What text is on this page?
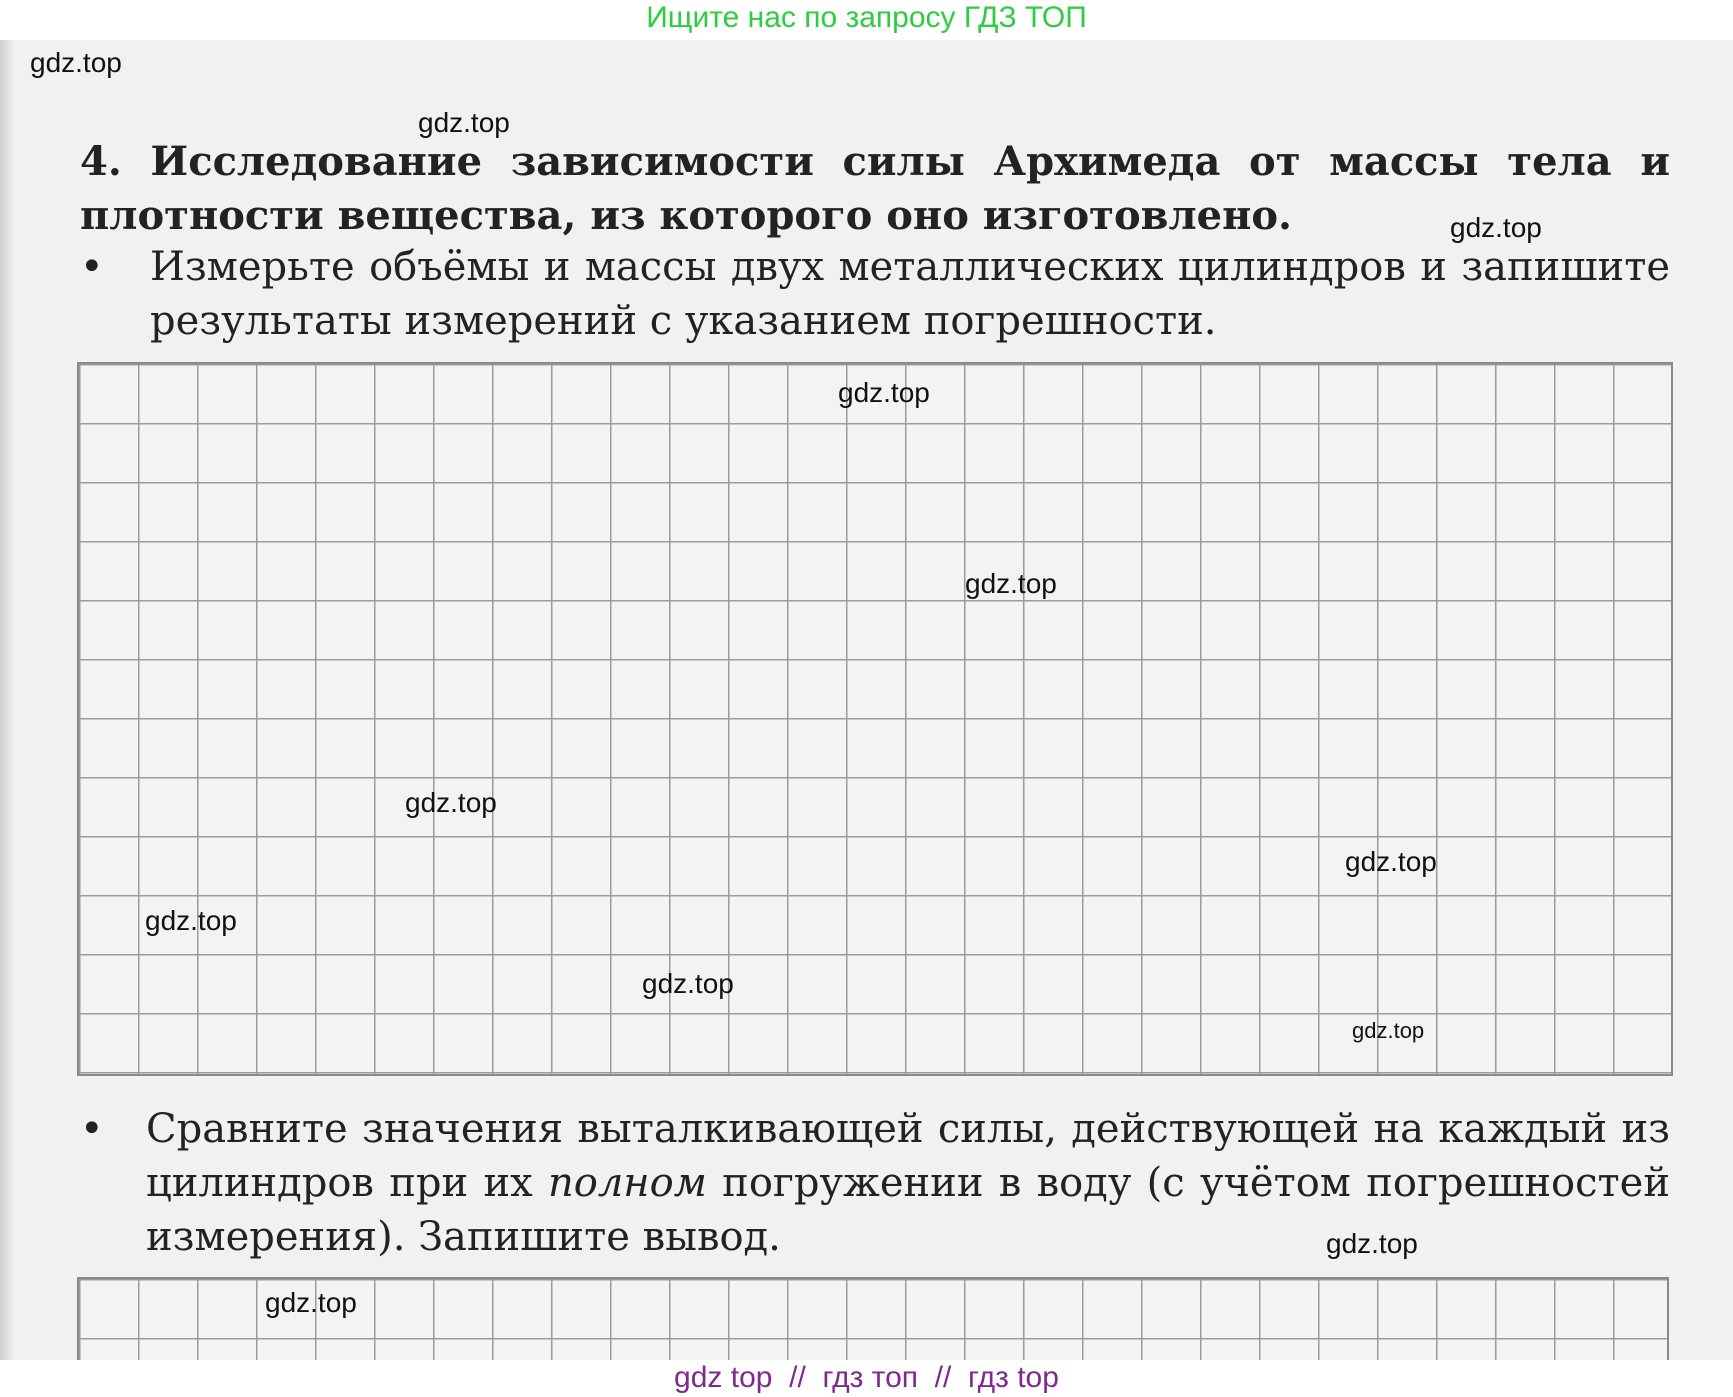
Ищите нас по запросу ГДЗ ТОП
4. Исследование зависимости силы Архимеда от массы тела и плотности вещества, из которого оно изготовлено.
•	Измерьте объёмы и массы двух металлических цилиндров и запишите результаты измерений с указанием погрешности.
•	Сравните значения выталкивающей силы, действующей на каждый из цилиндров при их полном погружении в воду (с учётом погрешностей измерения). Запишите вывод.
gdz.top
gdz.top
gdz.top
gdz.top
gdz.top
gdz.top
gdz.top
gdz.top
gdz.top
gdz.top
gdz.top
gdz.top
gdz top  //  гдз топ  //  гдз top
